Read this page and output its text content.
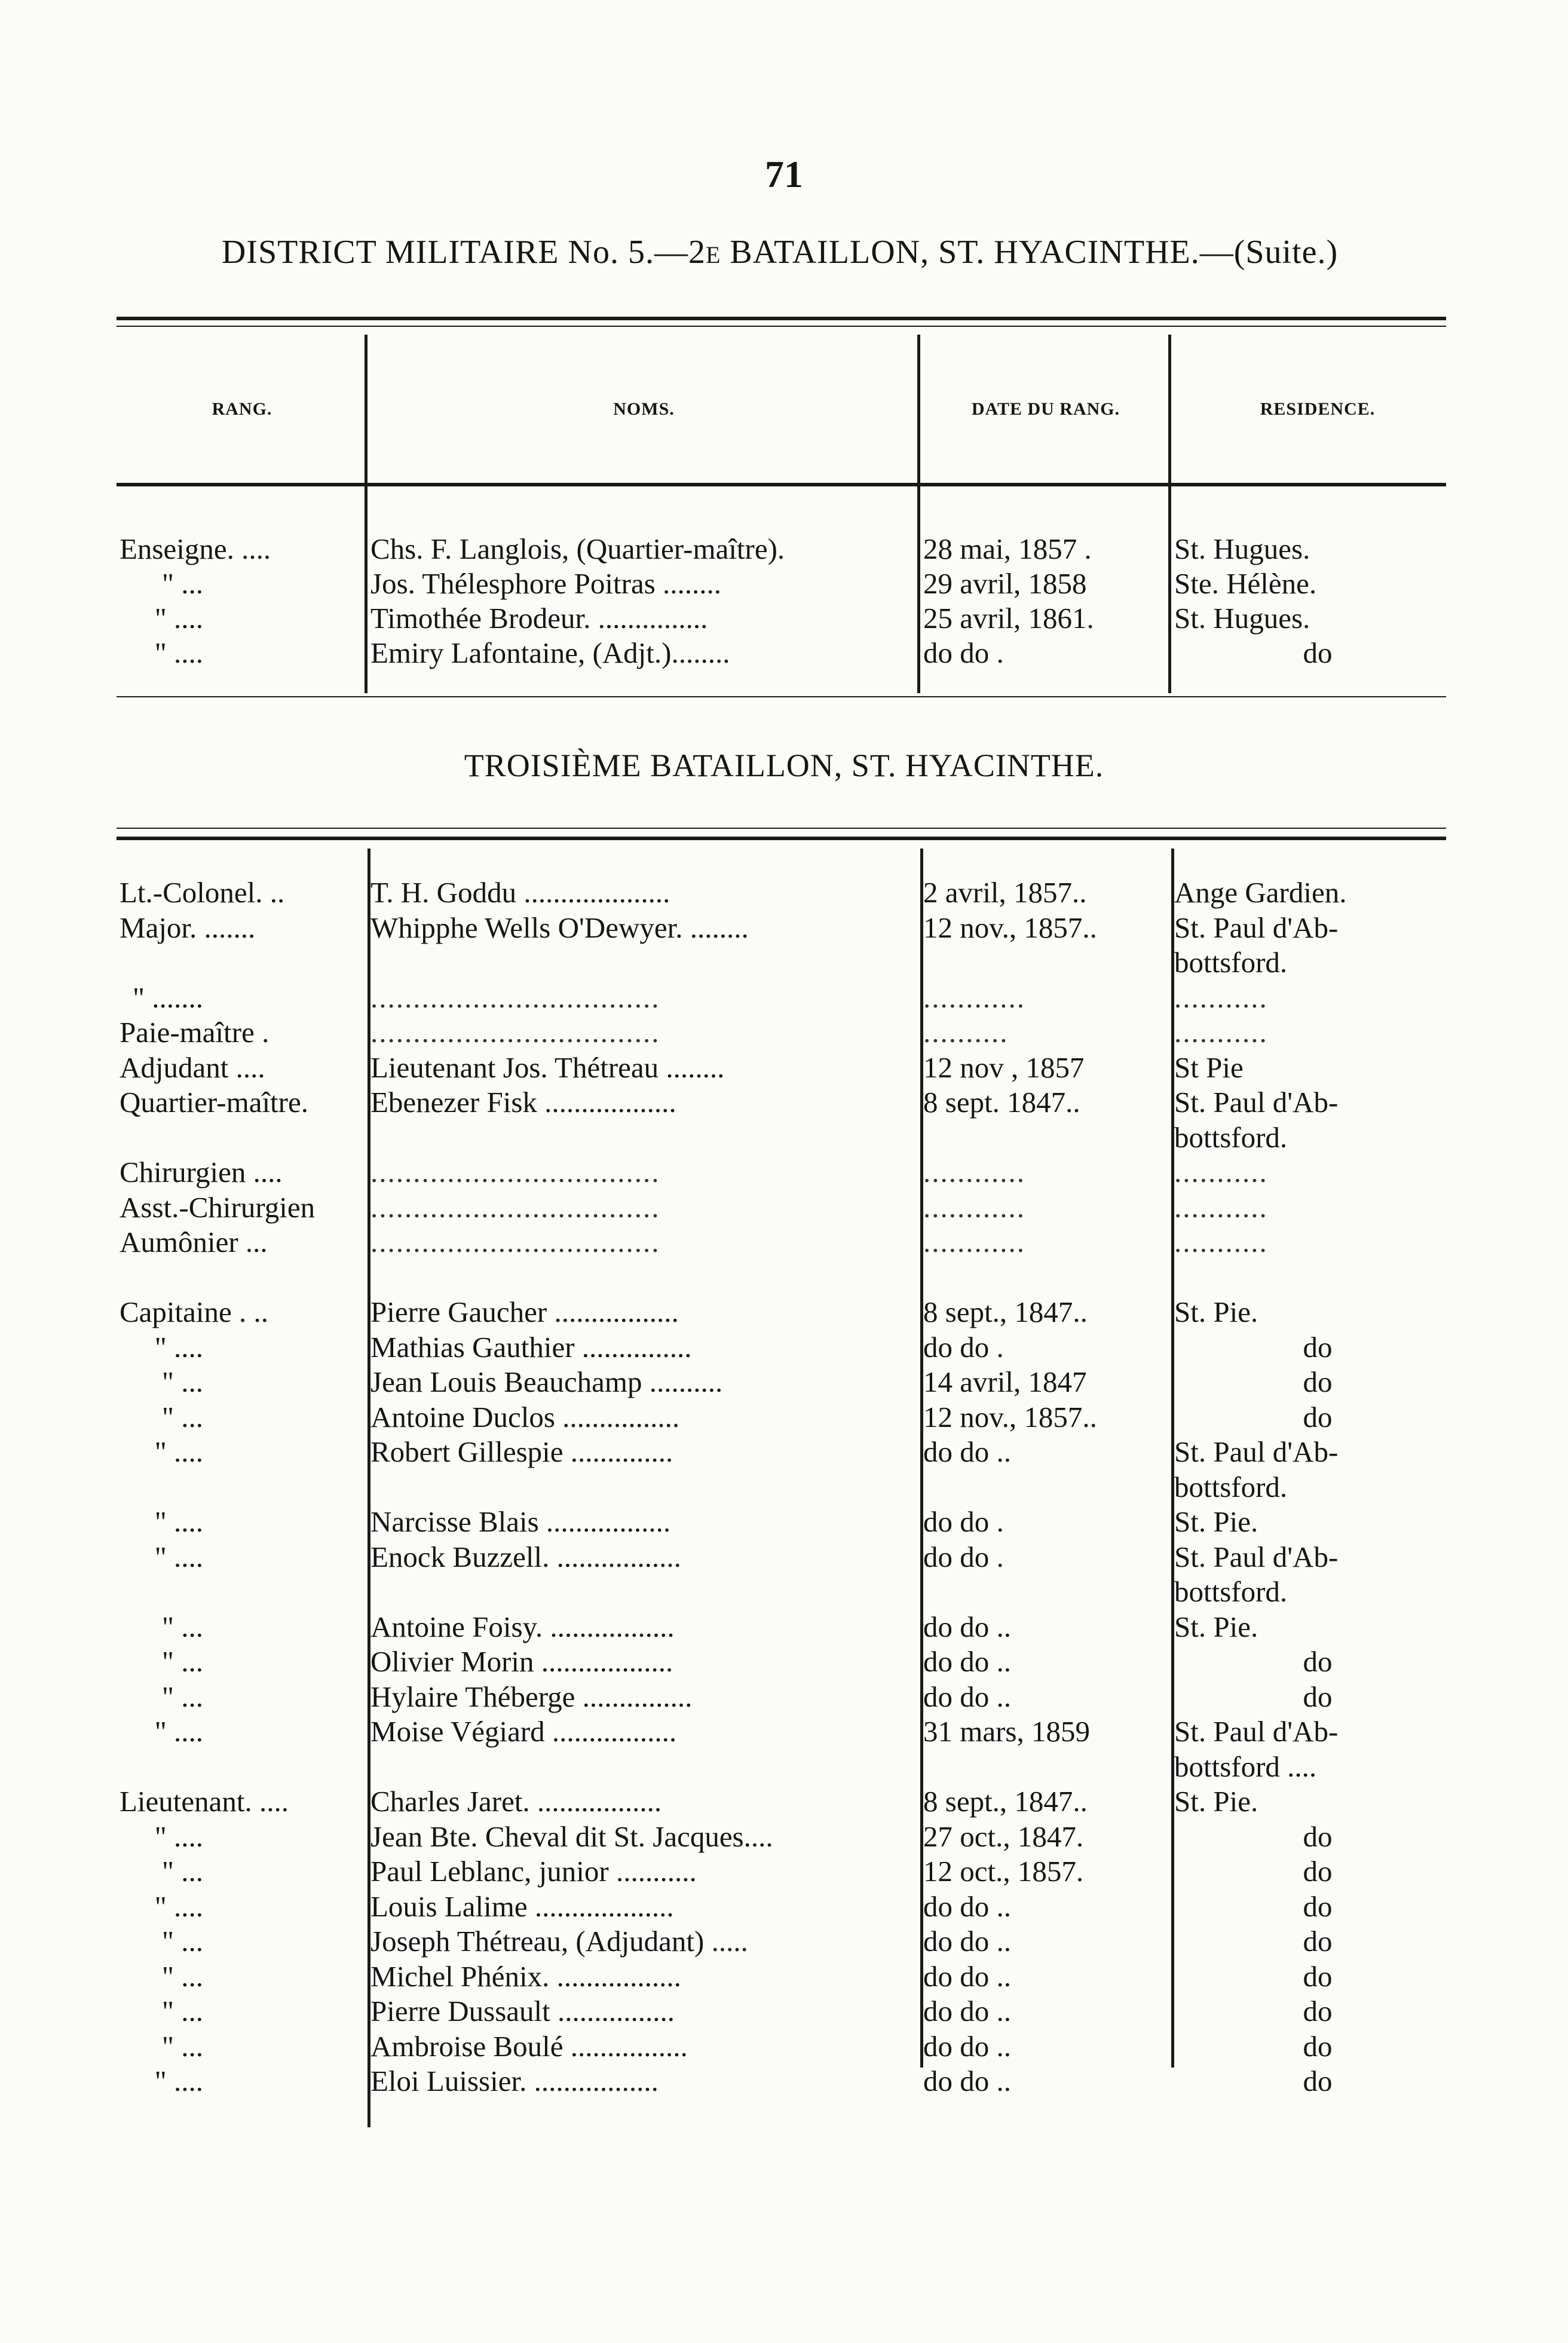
71
DISTRICT MILITAIRE No. 5.—2E BATAILLON, ST. HYACINTHE.—(Suite.)
RANG.	NOMS.	DATE DU RANG.	RESIDENCE.
Enseigne. ....	Chs. F. Langlois, (Quartier-maître).	28 mai, 1857 .	St. Hugues.
" ...	Jos. Thélesphore Poitras ........	29 avril, 1858	Ste. Hélène.
" ....	Timothée Brodeur. ...............	25 avril, 1861.	St. Hugues.
" ....	Emiry Lafontaine, (Adjt.)........	do do .	do
TROISIÈME BATAILLON, ST. HYACINTHE.
Lt.-Colonel. ..	T. H. Goddu ....................	2 avril, 1857..	Ange Gardien.
Major. .......	Whipphe Wells O'Dewyer. ........	12 nov., 1857..	St. Paul d'Ab-
bottsford.
" .......	..................................	............	...........
Paie-maître .	..................................	..........	...........
Adjudant ....	Lieutenant Jos. Thétreau ........	12 nov , 1857	St Pie
Quartier-maître.	Ebenezer Fisk ..................	8 sept. 1847..	St. Paul d'Ab-
bottsford.
Chirurgien ....	..................................	............	...........
Asst.-Chirurgien	..................................	............	...........
Aumônier ...	..................................	............	...........
Capitaine . ..	Pierre Gaucher .................	8 sept., 1847..	St. Pie.
" ....	Mathias Gauthier ...............	do do .	do
" ...	Jean Louis Beauchamp ..........	14 avril, 1847	do
" ...	Antoine Duclos ................	12 nov., 1857..	do
" ....	Robert Gillespie ..............	do do ..	St. Paul d'Ab-
bottsford.
" ....	Narcisse Blais .................	do do .	St. Pie.
" ....	Enock Buzzell. .................	do do .	St. Paul d'Ab-
bottsford.
" ...	Antoine Foisy. .................	do do ..	St. Pie.
" ...	Olivier Morin ..................	do do ..	do
" ...	Hylaire Théberge ...............	do do ..	do
" ....	Moise Végiard .................	31 mars, 1859	St. Paul d'Ab-
bottsford ....
Lieutenant. ....	Charles Jaret. .................	8 sept., 1847..	St. Pie.
" ....	Jean Bte. Cheval dit St. Jacques....	27 oct., 1847.	do
" ...	Paul Leblanc, junior ...........	12 oct., 1857.	do
" ....	Louis Lalime ...................	do do ..	do
" ...	Joseph Thétreau, (Adjudant) .....	do do ..	do
" ...	Michel Phénix. .................	do do ..	do
" ...	Pierre Dussault ................	do do ..	do
" ...	Ambroise Boulé ................	do do ..	do
" ....	Eloi Luissier. .................	do do ..	do
